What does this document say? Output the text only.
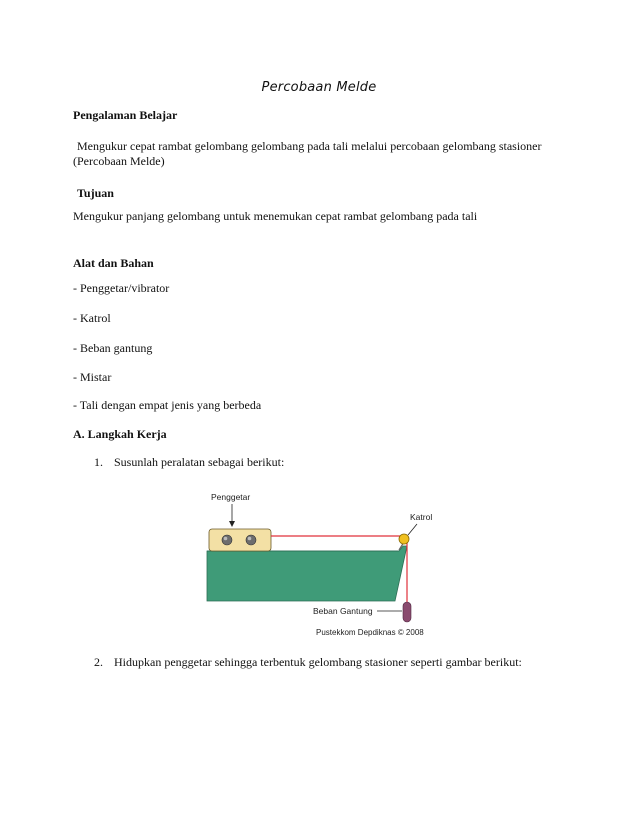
Percobaan Melde
Pengalaman Belajar
Mengukur cepat rambat gelombang gelombang pada tali melalui percobaan gelombang stasioner (Percobaan Melde)
Tujuan
Mengukur panjang gelombang untuk menemukan cepat rambat gelombang pada tali
Alat dan Bahan
- Penggetar/vibrator
- Katrol
- Beban gantung
- Mistar
- Tali dengan empat jenis yang berbeda
A. Langkah Kerja
1. Susunlah peralatan sebagai berikut:
Penggetar
Katrol
Beban Gantung
Pustekkom Depdiknas © 2008
2. Hidupkan penggetar sehingga terbentuk gelombang stasioner seperti gambar berikut:
